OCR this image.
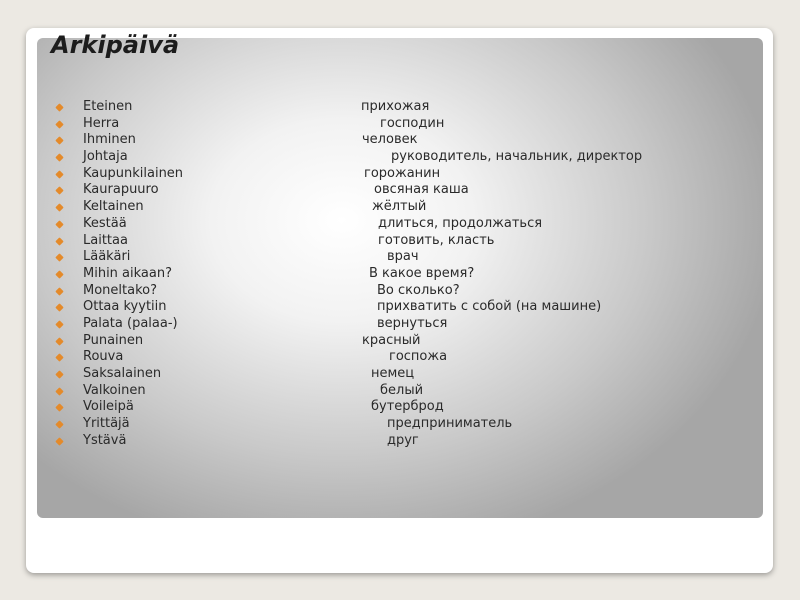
Arkipäivä
Eteinen	прихожая
Herra	господин
Ihminen	человек
Johtaja	руководитель, начальник, директор
Kaupunkilainen	горожанин
Kaurapuuro	овсяная каша
Keltainen	жёлтый
Kestää	длиться, продолжаться
Laittaa	готовить, класть
Lääkäri	врач
Mihin aikaan?	В какое время?
Moneltako?	Во сколько?
Ottaa kyytiin	прихватить с собой (на машине)
Palata (palaa-)	вернуться
Punainen	красный
Rouva	госпожа
Saksalainen	немец
Valkoinen	белый
Voileipä	бутерброд
Yrittäjä	предприниматель
Ystävä	друг
